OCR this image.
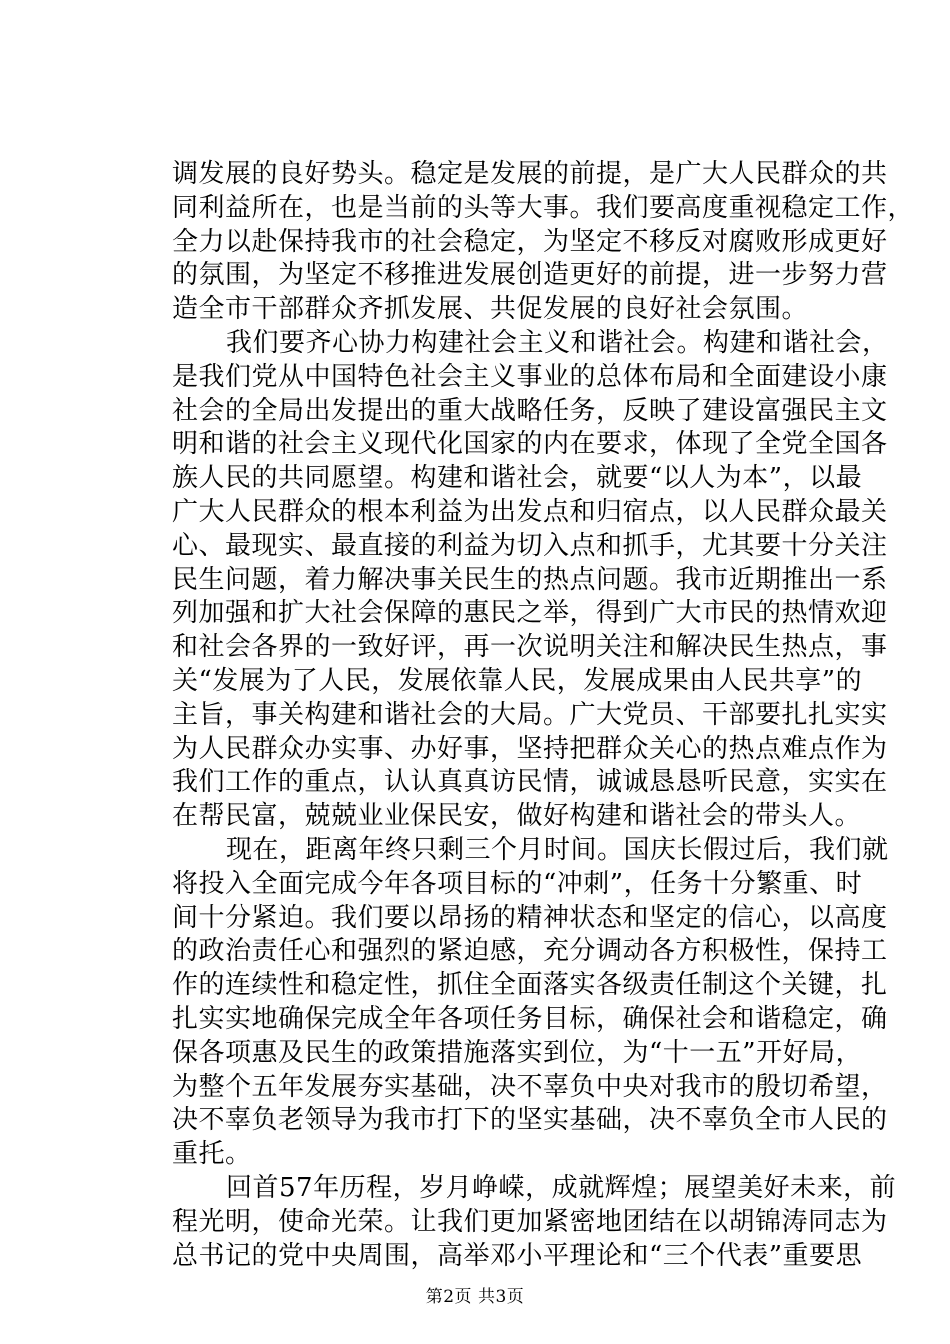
调发展的良好势头。稳定是发展的前提，是广大人民群众的共
同利益所在，也是当前的头等大事。我们要高度重视稳定工作，
全力以赴保持我市的社会稳定，为坚定不移反对腐败形成更好
的氛围，为坚定不移推进发展创造更好的前提，进一步努力营
造全市干部群众齐抓发展、共促发展的良好社会氛围。
我们要齐心协力构建社会主义和谐社会。构建和谐社会，
是我们党从中国特色社会主义事业的总体布局和全面建设小康
社会的全局出发提出的重大战略任务，反映了建设富强民主文
明和谐的社会主义现代化国家的内在要求，体现了全党全国各
族人民的共同愿望。构建和谐社会，就要“以人为本”，以最
广大人民群众的根本利益为出发点和归宿点，以人民群众最关
心、最现实、最直接的利益为切入点和抓手，尤其要十分关注
民生问题，着力解决事关民生的热点问题。我市近期推出一系
列加强和扩大社会保障的惠民之举，得到广大市民的热情欢迎
和社会各界的一致好评，再一次说明关注和解决民生热点，事
关“发展为了人民，发展依靠人民，发展成果由人民共享”的
主旨，事关构建和谐社会的大局。广大党员、干部要扎扎实实
为人民群众办实事、办好事，坚持把群众关心的热点难点作为
我们工作的重点，认认真真访民情，诚诚恳恳听民意，实实在
在帮民富，兢兢业业保民安，做好构建和谐社会的带头人。
现在，距离年终只剩三个月时间。国庆长假过后，我们就
将投入全面完成今年各项目标的“冲刺”，任务十分繁重、时
间十分紧迫。我们要以昂扬的精神状态和坚定的信心，以高度
的政治责任心和强烈的紧迫感，充分调动各方积极性，保持工
作的连续性和稳定性，抓住全面落实各级责任制这个关键，扎
扎实实地确保完成全年各项任务目标，确保社会和谐稳定，确
保各项惠及民生的政策措施落实到位，为“十一五”开好局，
为整个五年发展夯实基础，决不辜负中央对我市的殷切希望，
决不辜负老领导为我市打下的坚实基础，决不辜负全市人民的
重托。
回首57年历程，岁月峥嵘，成就辉煌；展望美好未来，前
程光明，使命光荣。让我们更加紧密地团结在以胡锦涛同志为
总书记的党中央周围，高举邓小平理论和“三个代表”重要思
第2页 共3页
